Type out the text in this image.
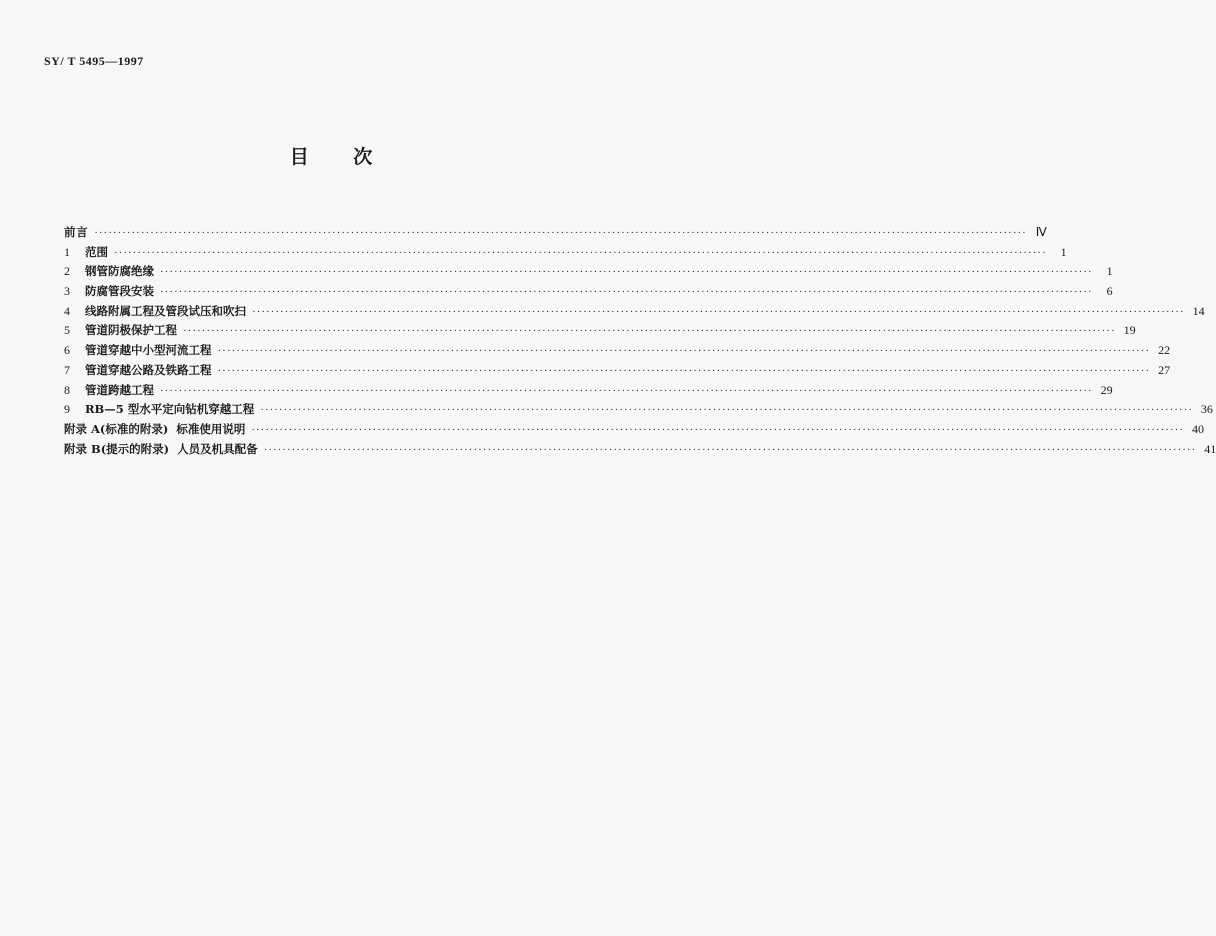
SY/ T 5495—1997
目 次
前言 ········································································································································································································ Ⅳ
1	范围 ········································································································································································································	1
2	钢管防腐绝缘 ········································································································································································································	1
3	防腐管段安装 ········································································································································································································	6
4	线路附属工程及管段试压和吹扫 ········································································································································································································ 14
5	管道阴极保护工程 ········································································································································································································ 19
6	管道穿越中小型河流工程 ········································································································································································································ 22
7	管道穿越公路及铁路工程 ········································································································································································································ 27
8	管道跨越工程 ········································································································································································································ 29
9	RB—5 型水平定向钻机穿越工程 ········································································································································································································ 36
附录 A(标准的附录)  标准使用说明 ········································································································································································································ 40
附录 B(提示的附录)  人员及机具配备 ········································································································································································································ 41
